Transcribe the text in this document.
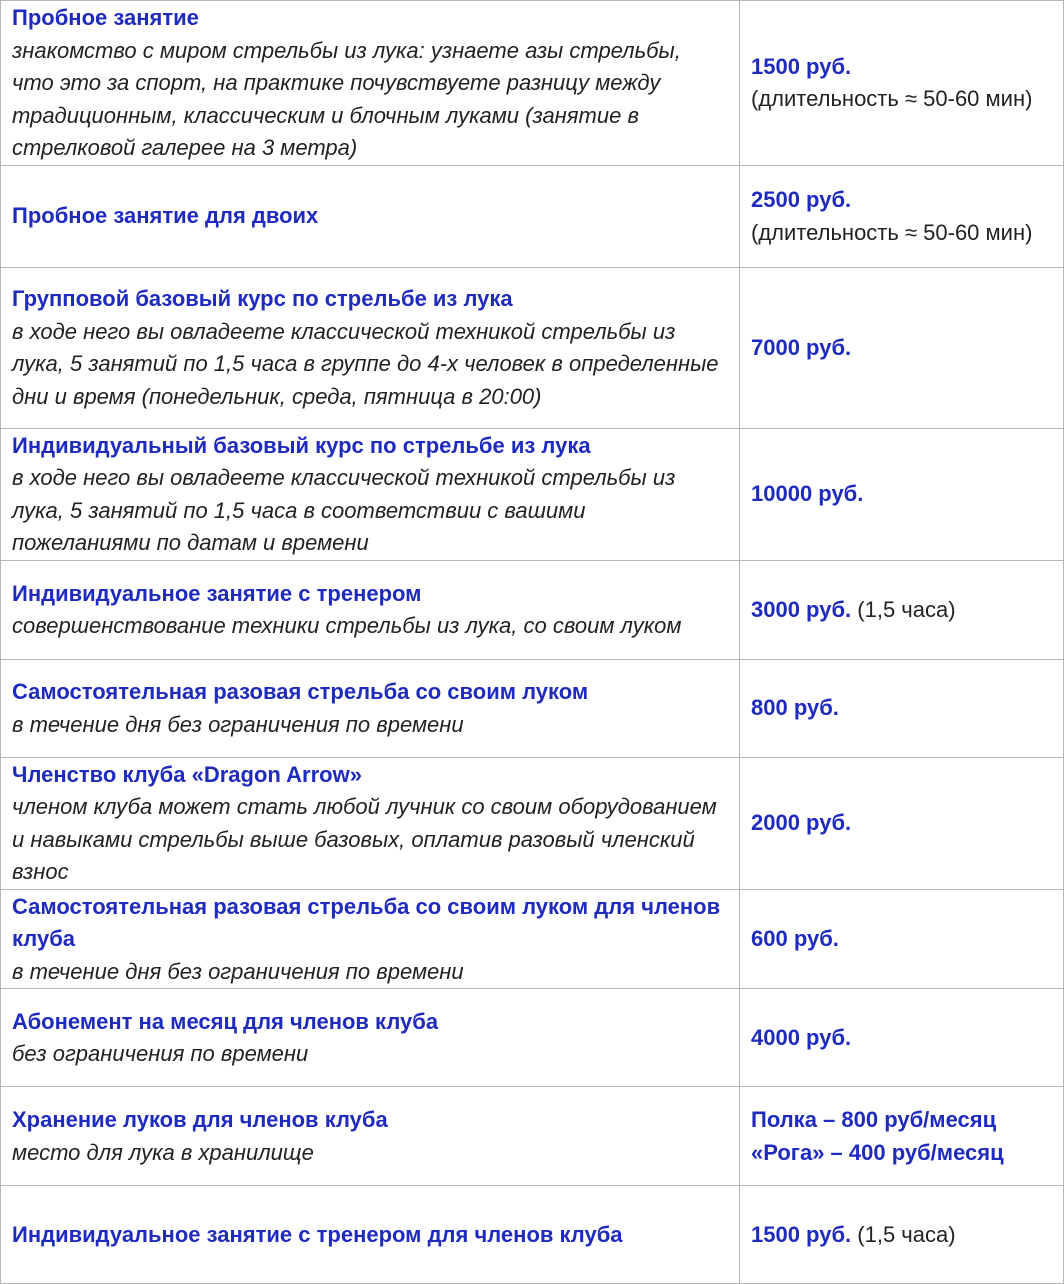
Пробное занятие
знакомство с миром стрельбы из лука: узнаете азы стрельбы, что это за спорт, на практике почувствуете разницу между традиционным, классическим и блочным луками (занятие в стрелковой галерее на 3 метра)	1500 руб.
(длительность ≈ 50-60 мин)

Пробное занятие для двоих	2500 руб.
(длительность ≈ 50-60 мин)

Групповой базовый курс по стрельбе из лука
в ходе него вы овладеете классической техникой стрельбы из лука, 5 занятий по 1,5 часа в группе до 4-х человек в определенные дни и время (понедельник, среда, пятница в 20:00)	7000 руб.

Индивидуальный базовый курс по стрельбе из лука
в ходе него вы овладеете классической техникой стрельбы из лука, 5 занятий по 1,5 часа в соответствии с вашими пожеланиями по датам и времени	10000 руб.

Индивидуальное занятие с тренером
совершенствование техники стрельбы из лука, со своим луком	3000 руб. (1,5 часа)

Самостоятельная разовая стрельба со своим луком
в течение дня без ограничения по времени	800 руб.

Членство клуба «Dragon Arrow»
членом клуба может стать любой лучник со своим оборудованием и навыками стрельбы выше базовых, оплатив разовый членский взнос	2000 руб.

Самостоятельная разовая стрельба со своим луком для членов клуба
в течение дня без ограничения по времени	600 руб.

Абонемент на месяц для членов клуба
без ограничения по времени	4000 руб.

Хранение луков для членов клуба
место для лука в хранилище	Полка – 800 руб/месяц
«Рога» – 400 руб/месяц

Индивидуальное занятие с тренером для членов клуба	1500 руб. (1,5 часа)
